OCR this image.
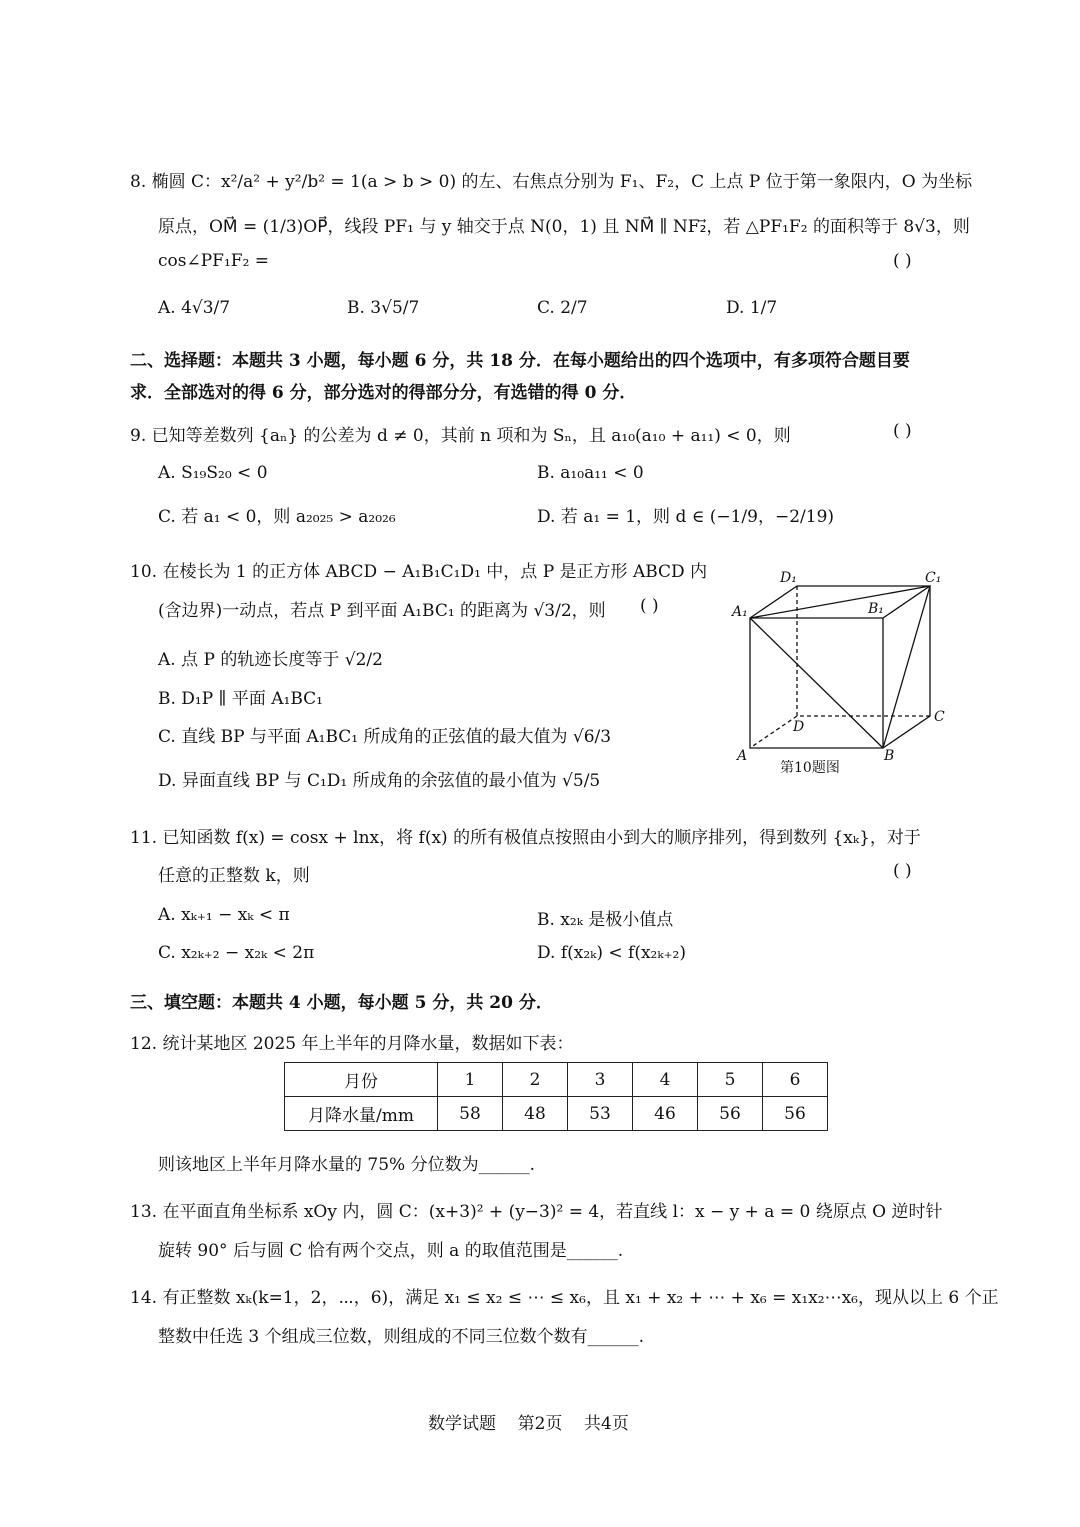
8. 椭圆 C：x²/a² + y²/b² = 1(a > b > 0) 的左、右焦点分别为 F₁、F₂，C 上点 P 位于第一象限内，O 为坐标
原点，OM⃗ = (1/3)OP⃗，线段 PF₁ 与 y 轴交于点 N(0，1) 且 NM⃗ ∥ NF₂⃗，若 △PF₁F₂ 的面积等于 8√3，则
cos∠PF₁F₂ =	( )
A. 4√3/7	B. 3√5/7	C. 2/7	D. 1/7
二、选择题：本题共 3 小题，每小题 6 分，共 18 分．在每小题给出的四个选项中，有多项符合题目要
求．全部选对的得 6 分，部分选对的得部分分，有选错的得 0 分．
9. 已知等差数列 {aₙ} 的公差为 d ≠ 0，其前 n 项和为 Sₙ，且 a₁₀(a₁₀ + a₁₁) < 0，则	( )
A. S₁₉S₂₀ < 0	B. a₁₀a₁₁ < 0
C. 若 a₁ < 0，则 a₂₀₂₅ > a₂₀₂₆	D. 若 a₁ = 1，则 d ∈ (−1/9，−2/19)
10. 在棱长为 1 的正方体 ABCD − A₁B₁C₁D₁ 中，点 P 是正方形 ABCD 内
(含边界)一动点，若点 P 到平面 A₁BC₁ 的距离为 √3/2，则 ( )
A. 点 P 的轨迹长度等于 √2/2
B. D₁P ∥ 平面 A₁BC₁
C. 直线 BP 与平面 A₁BC₁ 所成角的正弦值的最大值为 √6/3
D. 异面直线 BP 与 C₁D₁ 所成角的余弦值的最小值为 √5/5
A	B
C
D
A₁	B₁
C₁
D₁
第10题图
11. 已知函数 f(x) = cosx + lnx，将 f(x) 的所有极值点按照由小到大的顺序排列，得到数列 {xₖ}，对于
任意的正整数 k，则	( )
A. xₖ₊₁ − xₖ < π	B. x₂ₖ 是极小值点
C. x₂ₖ₊₂ − x₂ₖ < 2π	D. f(x₂ₖ) < f(x₂ₖ₊₂)
三、填空题：本题共 4 小题，每小题 5 分，共 20 分．
12. 统计某地区 2025 年上半年的月降水量，数据如下表：
月份	1	2	3	4	5	6
月降水量/mm	58	48	53	46	56	56
则该地区上半年月降水量的 75% 分位数为______.
13. 在平面直角坐标系 xOy 内，圆 C：(x+3)² + (y−3)² = 4，若直线 l：x − y + a = 0 绕原点 O 逆时针
旋转 90° 后与圆 C 恰有两个交点，则 a 的取值范围是______.
14. 有正整数 xₖ(k=1，2，⋯，6)，满足 x₁ ≤ x₂ ≤ ⋯ ≤ x₆，且 x₁ + x₂ + ⋯ + x₆ = x₁x₂⋯x₆，现从以上 6 个正
整数中任选 3 个组成三位数，则组成的不同三位数个数有______.
数学试题    第2页    共4页
